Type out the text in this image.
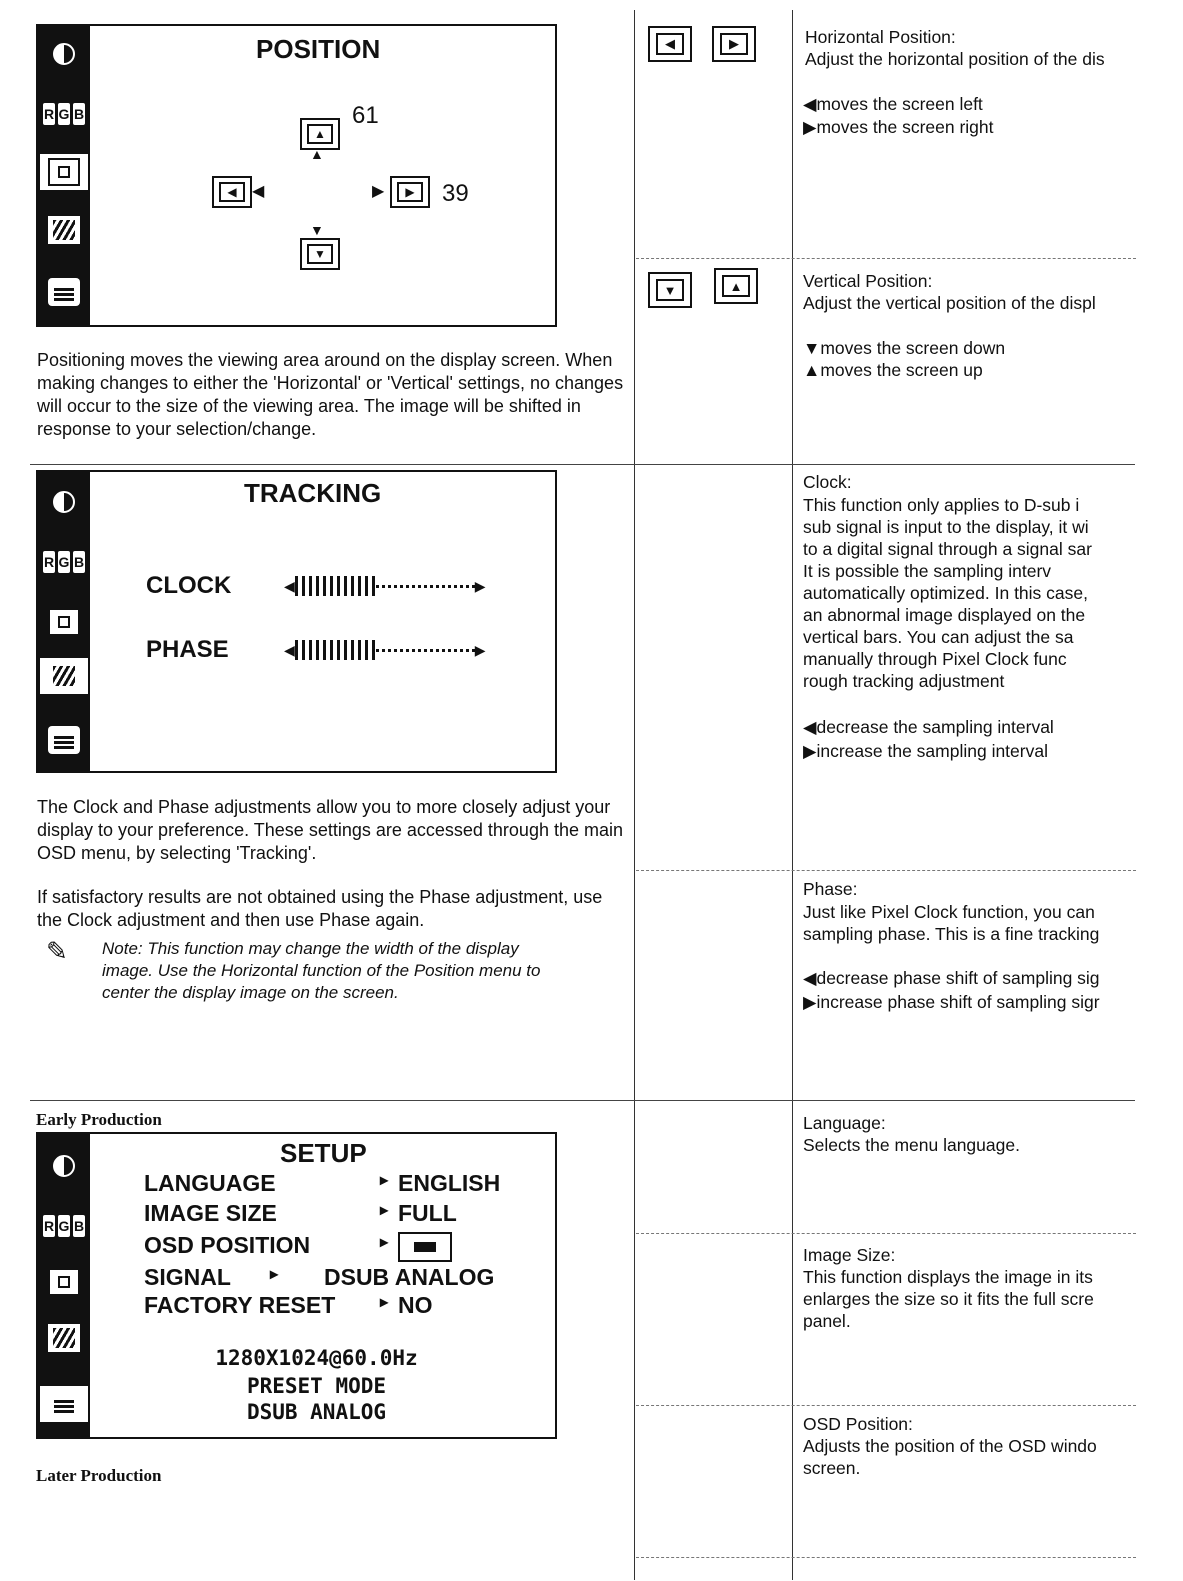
R G B
POSITION
▲
▲
61
◀ ◀	▶	▶	39
▼
▼
Positioning moves the viewing area around on the display screen. When making changes to either the 'Horizontal' or 'Vertical' settings, no changes will occur to the size of the viewing area. The image will be shifted in response to your selection/change.
R G B
TRACKING
CLOCK
PHASE
◀	▶
◀	▶
The Clock and Phase adjustments allow you to more closely adjust your display to your preference. These settings are accessed through the main OSD menu, by selecting 'Tracking'.
If satisfactory results are not obtained using the Phase adjustment, use the Clock adjustment and then use Phase again.
✎ Note: This function may change the width of the display image. Use the Horizontal function of the Position menu to center the display image on the screen.
Early Production
R G B
SETUP
LANGUAGE	▸ ENGLISH
IMAGE SIZE	▸ FULL
OSD POSITION	▸
SIGNAL ▸ DSUB ANALOG
FACTORY RESET	▸ NO
1280X1024@60.0Hz
PRESET MODE
DSUB ANALOG
Later Production
◀	▶
▼	▲
Horizontal Position:
Adjust the horizontal position of the dis
◀moves the screen left
▶moves the screen right
Vertical Position:
Adjust the vertical position of the displ
▼moves the screen down
▲moves the screen up
Clock:
This function only applies to D-sub i
sub signal is input to the display, it wi
to a digital signal through a signal sar
It is possible the sampling interv
automatically optimized. In this case,
an abnormal image displayed on the
vertical bars. You can adjust the sa
manually through Pixel Clock func
rough tracking adjustment
◀decrease the sampling interval
▶increase the sampling interval
Phase:
Just like Pixel Clock function, you can
sampling phase. This is a fine tracking
◀decrease phase shift of sampling sig
▶increase phase shift of sampling sigr
Language:
Selects the menu language.
Image Size:
This function displays the image in its
enlarges the size so it fits the full scre
panel.
OSD Position:
Adjusts the position of the OSD windo
screen.
